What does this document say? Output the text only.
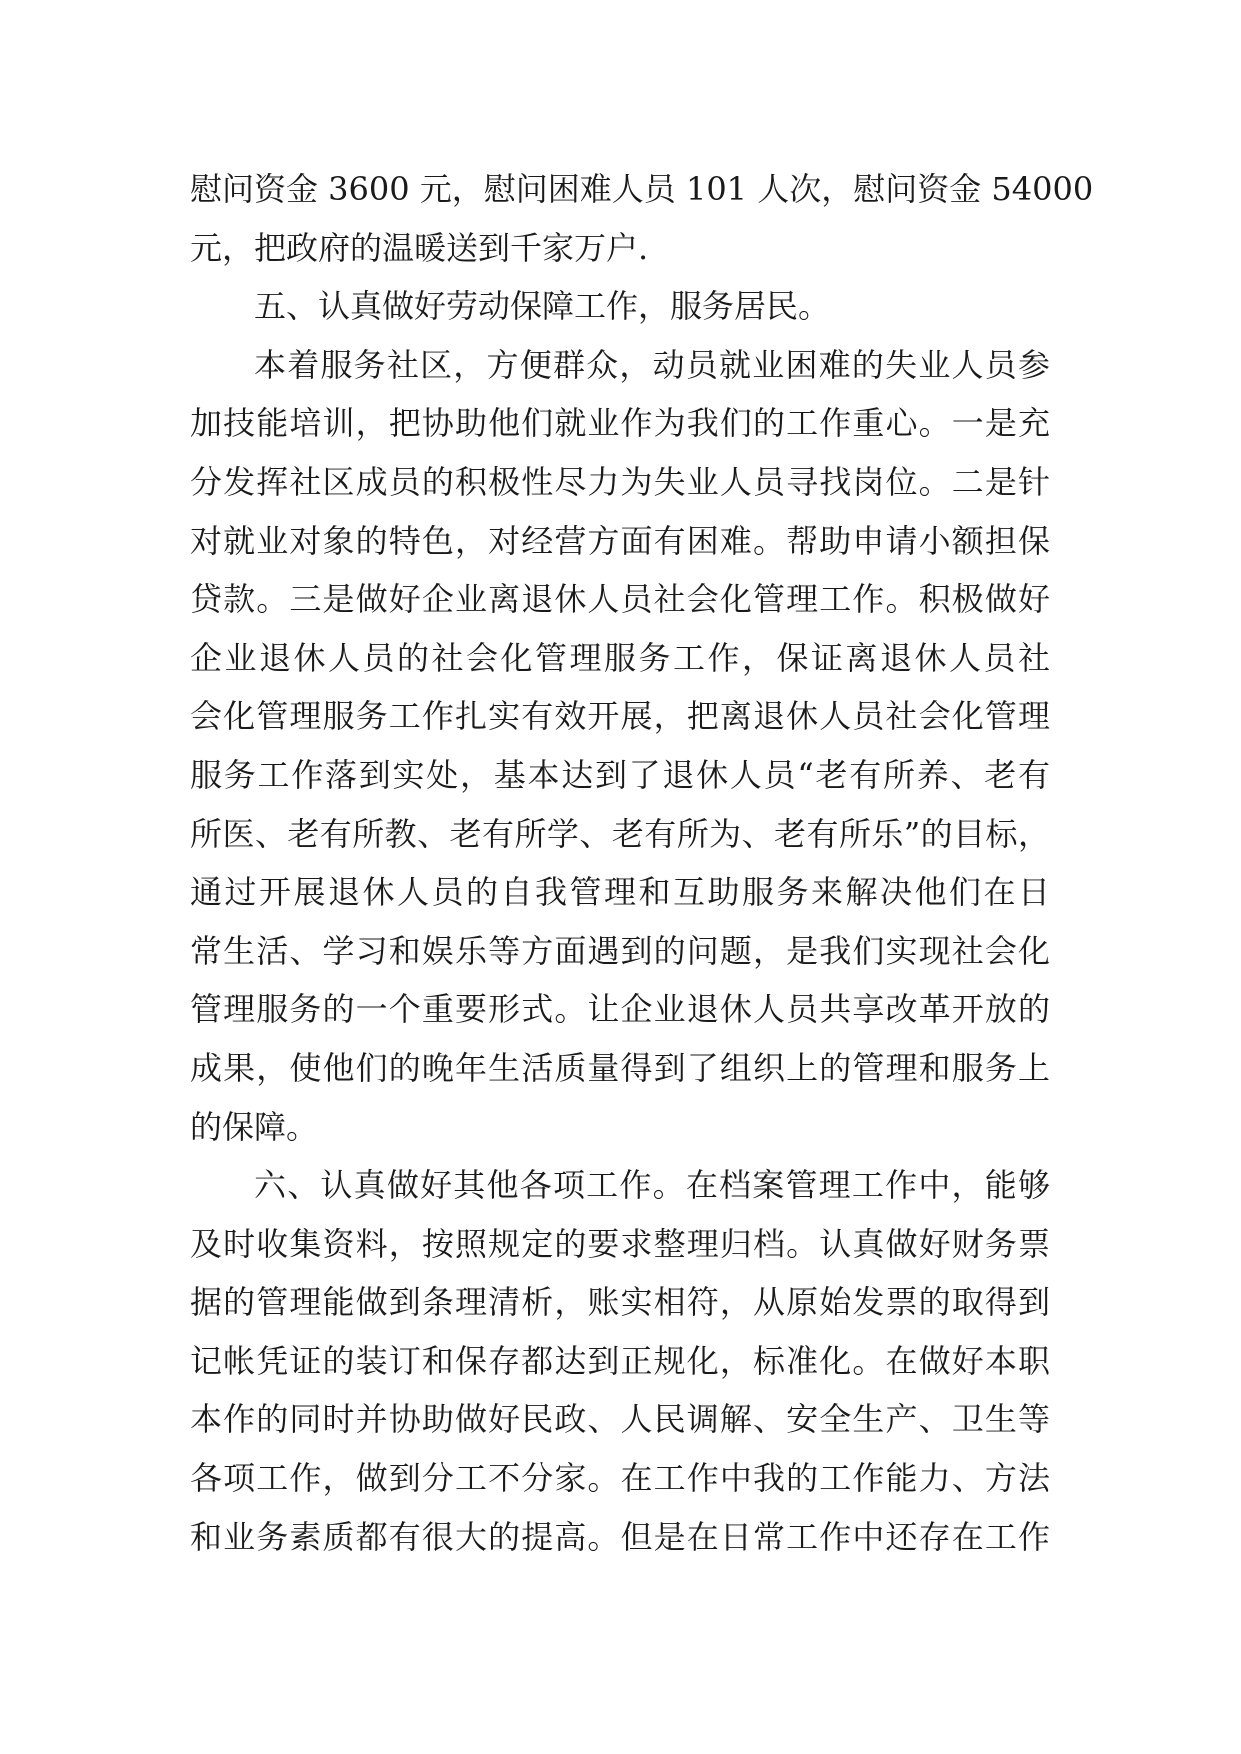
慰问资金 3600 元，慰问困难人员 101 人次，慰问资金 54000
元，把政府的温暖送到千家万户.
五、认真做好劳动保障工作，服务居民。
本着服务社区，方便群众，动员就业困难的失业人员参
加技能培训，把协助他们就业作为我们的工作重心。一是充
分发挥社区成员的积极性尽力为失业人员寻找岗位。二是针
对就业对象的特色，对经营方面有困难。帮助申请小额担保
贷款。三是做好企业离退休人员社会化管理工作。积极做好
企业退休人员的社会化管理服务工作，保证离退休人员社
会化管理服务工作扎实有效开展，把离退休人员社会化管理
服务工作落到实处，基本达到了退休人员“老有所养、老有
所医、老有所教、老有所学、老有所为、老有所乐”的目标，
通过开展退休人员的自我管理和互助服务来解决他们在日
常生活、学习和娱乐等方面遇到的问题，是我们实现社会化
管理服务的一个重要形式。让企业退休人员共享改革开放的
成果，使他们的晚年生活质量得到了组织上的管理和服务上
的保障。
六、认真做好其他各项工作。在档案管理工作中，能够
及时收集资料，按照规定的要求整理归档。认真做好财务票
据的管理能做到条理清析，账实相符，从原始发票的取得到
记帐凭证的装订和保存都达到正规化，标准化。在做好本职
本作的同时并协助做好民政、人民调解、安全生产、卫生等
各项工作，做到分工不分家。在工作中我的工作能力、方法
和业务素质都有很大的提高。但是在日常工作中还存在工作
